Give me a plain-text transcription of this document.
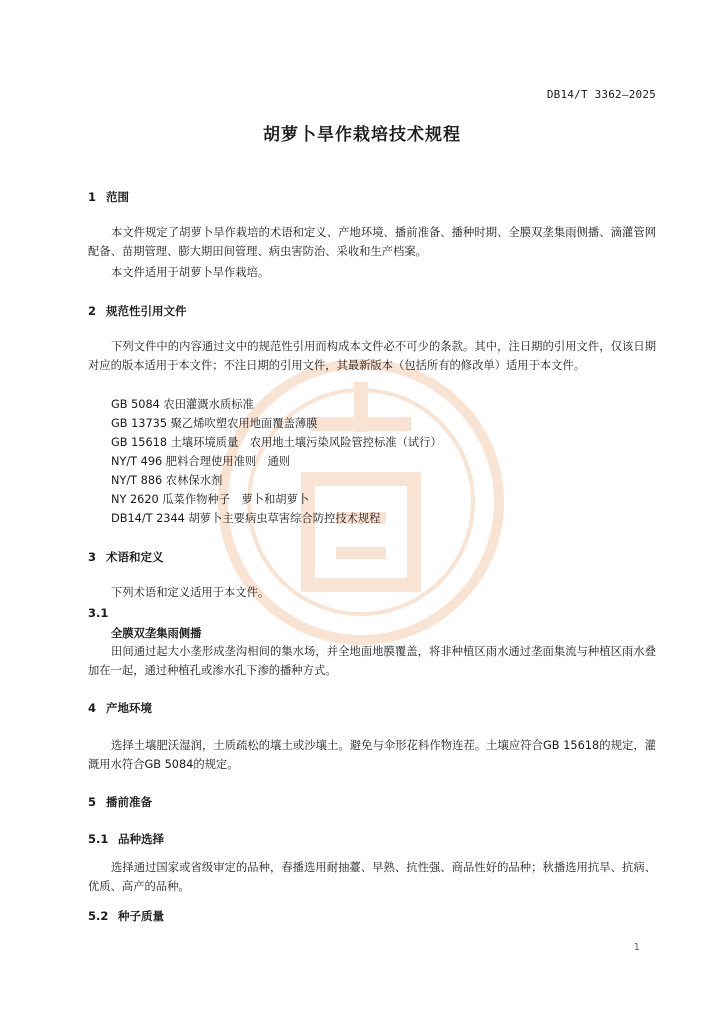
DB14/T 3362—2025
胡萝卜旱作栽培技术规程
1 范围
本文件规定了胡萝卜旱作栽培的术语和定义、产地环境、播前准备、播种时期、全膜双垄集雨侧播、滴灌管网配备、苗期管理、膨大期田间管理、病虫害防治、采收和生产档案。
本文件适用于胡萝卜旱作栽培。
2 规范性引用文件
下列文件中的内容通过文中的规范性引用而构成本文件必不可少的条款。其中，注日期的引用文件，仅该日期对应的版本适用于本文件；不注日期的引用文件，其最新版本（包括所有的修改单）适用于本文件。
GB 5084 农田灌溉水质标准
GB 13735 聚乙烯吹塑农用地面覆盖薄膜
GB 15618 土壤环境质量　农用地土壤污染风险管控标准（试行）
NY/T 496 肥料合理使用准则　通则
NY/T 886 农林保水剂
NY 2620 瓜菜作物种子　萝卜和胡萝卜
DB14/T 2344 胡萝卜主要病虫草害综合防控技术规程
3 术语和定义
下列术语和定义适用于本文件。
3.1
全膜双垄集雨侧播
田间通过起大小垄形成垄沟相间的集水场，并全地面地膜覆盖，将非种植区雨水通过垄面集流与种植区雨水叠加在一起，通过种植孔或渗水孔下渗的播种方式。
4 产地环境
选择土壤肥沃湿润，土质疏松的壤土或沙壤土。避免与伞形花科作物连茬。土壤应符合GB 15618的规定，灌溉用水符合GB 5084的规定。
5 播前准备
5.1 品种选择
选择通过国家或省级审定的品种，春播选用耐抽薹、早熟、抗性强、商品性好的品种；秋播选用抗旱、抗病、优质、高产的品种。
5.2 种子质量
1
